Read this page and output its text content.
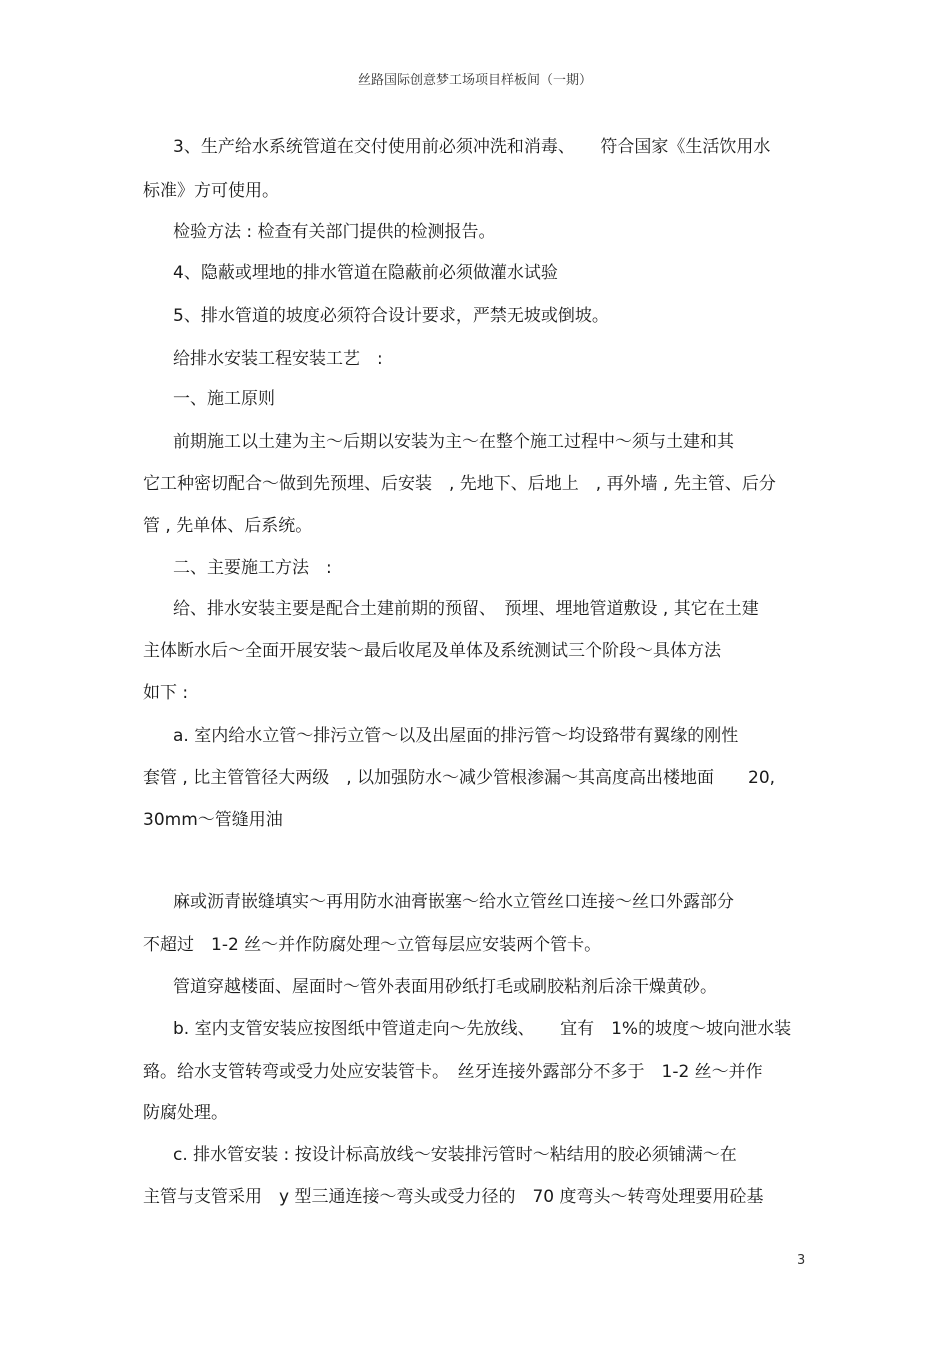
丝路国际创意梦工场项目样板间（一期）
3、生产给水系统管道在交付使用前必须冲洗和消毒、　　符合国家《生活饮用水
标准》方可使用。
检验方法 : 检查有关部门提供的检测报告。
4、隐蔽或埋地的排水管道在隐蔽前必须做灌水试验
5、排水管道的坡度必须符合设计要求，严禁无坡或倒坡。
给排水安装工程安装工艺　:
一、施工原则
前期施工以土建为主～后期以安装为主～在整个施工过程中～须与土建和其
它工种密切配合～做到先预埋、后安装　, 先地下、后地上　, 再外墙 , 先主管、后分
管 , 先单体、后系统。
二、主要施工方法　:
给、排水安装主要是配合土建前期的预留、　预埋、埋地管道敷设 , 其它在土建
主体断水后～全面开展安装～最后收尾及单体及系统测试三个阶段～具体方法
如下 :
a. 室内给水立管～排污立管～以及出屋面的排污管～均设臵带有翼缘的刚性
套管 , 比主管管径大两级　, 以加强防水～减少管根渗漏～其高度高出楼地面　　20,
30mm～管缝用油
麻或沥青嵌缝填实～再用防水油膏嵌塞～给水立管丝口连接～丝口外露部分
不超过　1-2 丝～并作防腐处理～立管每层应安装两个管卡。
管道穿越楼面、屋面时～管外表面用砂纸打毛或刷胶粘剂后涂干燥黄砂。
b. 室内支管安装应按图纸中管道走向～先放线、　　宜有　1%的坡度～坡向泄水装
臵。给水支管转弯或受力处应安装管卡。　丝牙连接外露部分不多于　1-2 丝～并作
防腐处理。
c. 排水管安装 : 按设计标高放线～安装排污管时～粘结用的胶必须铺满～在
主管与支管采用　y 型三通连接～弯头或受力径的　70 度弯头～转弯处理要用砼基
3
